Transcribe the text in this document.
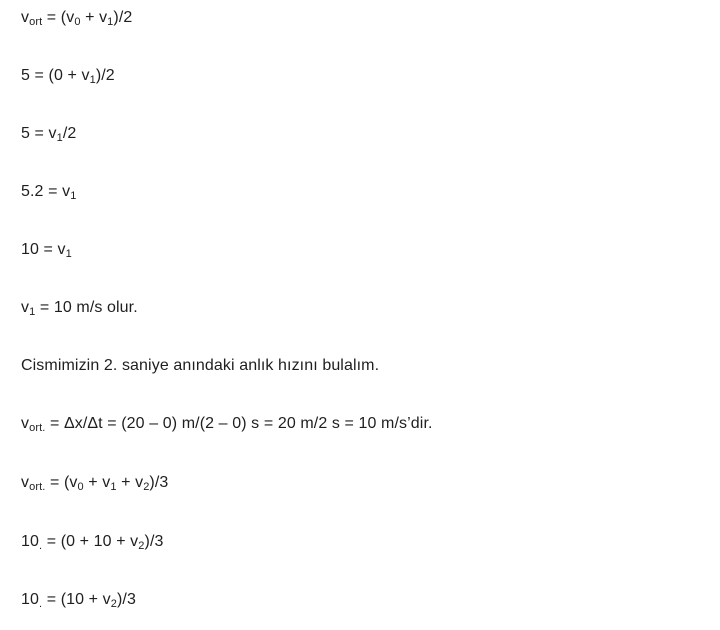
$v_{ort} = (v_0 + v_1)/2$
$5 = (0 + v_1)/2$
$5 = v_1/2$
$5.2 = v_1$
$10 = v_1$
$v_1 = 10$ m/s olur.
Cismimizin 2. saniye anındaki anlık hızını bulalım.
$v_{ort.} = \Delta x/\Delta t = (20 - 0)$ m/(2 – 0) s = 20 m/2 s = 10 m/s’dir.
$v_{ort.} = (v_0 + v_1 + v_2)/3$
$10_. = (0 + 10 + v_2)/3$
$10_. = (10 + v_2)/3$
